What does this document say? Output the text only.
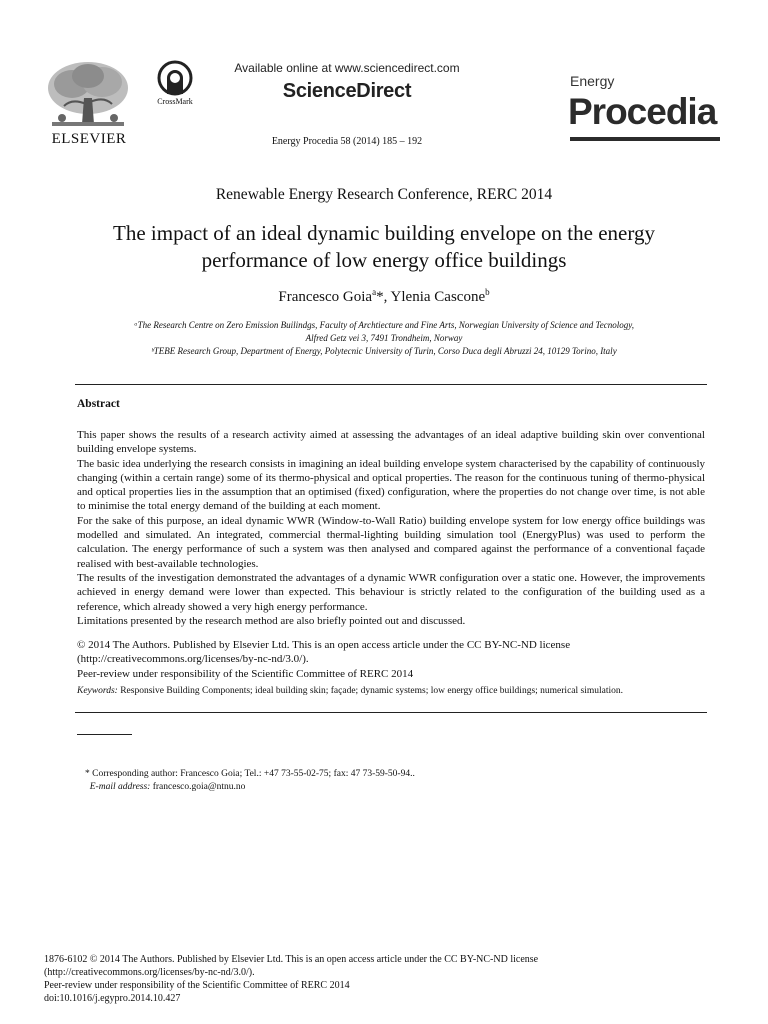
ELSEVIER
CrossMark
Available online at www.sciencedirect.com
ScienceDirect
Energy Procedia 58 (2014) 185 – 192
Energy
Procedia
Renewable Energy Research Conference, RERC 2014
The impact of an ideal dynamic building envelope on the energy
performance of low energy office buildings
Francesco Goia$^a$*, Ylenia Cascone$^b$
ᵃThe Research Centre on Zero Emission Builindgs, Faculty of Archtiecture and Fine Arts, Norwegian University of Science and Tecnology,
Alfred Getz vei 3, 7491 Trondheim, Norway
ᵇTEBE Research Group, Department of Energy, Polytecnic University of Turin, Corso Duca degli Abruzzi 24, 10129 Torino, Italy
Abstract

This paper shows the results of a research activity aimed at assessing the advantages of an ideal adaptive building skin over conventional building envelope systems.

The basic idea underlying the research consists in imagining an ideal building envelope system characterised by the capability of continuously changing (within a certain range) some of its thermo-physical and optical properties. The reason for the continuous tuning of thermo-physical and optical properties lies in the assumption that an optimised (fixed) configuration, where the properties do not change over time, is not able to minimise the total energy demand of the building at each moment.

For the sake of this purpose, an ideal dynamic WWR (Window-to-Wall Ratio) building envelope system for low energy office buildings was modelled and simulated. An integrated, commercial thermal-lighting building simulation tool (EnergyPlus) was used to perform the calculation. The energy performance of such a system was then analysed and compared against the performance of a conventional façade realised with best-available technologies.

The results of the investigation demonstrated the advantages of a dynamic WWR configuration over a static one. However, the improvements achieved in energy demand were lower than expected. This behaviour is strictly related to the configuration of the building used as a reference, which already showed a very high energy performance.

Limitations presented by the research method are also briefly pointed out and discussed.

© 2014 The Authors. Published by Elsevier Ltd. This is an open access article under the CC BY-NC-ND license

(http://creativecommons.org/licenses/by-nc-nd/3.0/).

Peer-review under responsibility of the Scientific Committee of RERC 2014

Keywords: Responsive Building Components; ideal building skin; façade; dynamic systems; low energy office buildings; numerical simulation.
* Corresponding author: Francesco Goia; Tel.: +47 73-55-02-75; fax: 47 73-59-50-94..
E-mail address: francesco.goia@ntnu.no

1876-6102 © 2014 The Authors. Published by Elsevier Ltd. This is an open access article under the CC BY-NC-ND license

(http://creativecommons.org/licenses/by-nc-nd/3.0/).

Peer-review under responsibility of the Scientific Committee of RERC 2014

doi:10.1016/j.egypro.2014.10.427
